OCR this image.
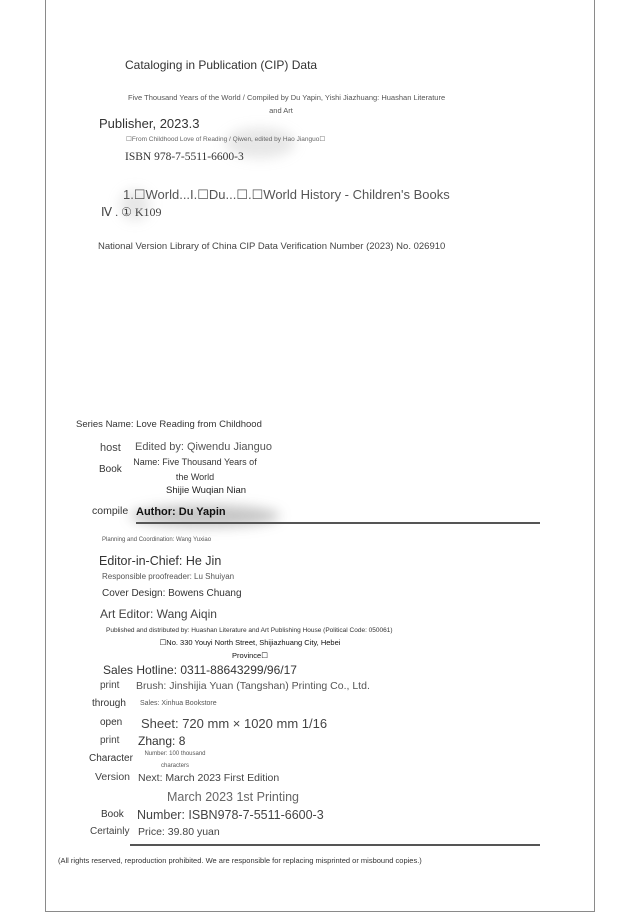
Cataloging in Publication (CIP) Data
Five Thousand Years of the World / Compiled by Du Yapin, Yishi Jiazhuang: Huashan Literature
and Art
Publisher, 2023.3
☐From Childhood Love of Reading / Qiwen, edited by Hao Jianguo☐
ISBN 978-7-5511-6600-3
1.☐World...I.☐Du...☐.☐World History - Children's Books
Ⅳ . ① K109
National Version Library of China CIP Data Verification Number (2023) No. 026910
Series Name: Love Reading from Childhood
host Edited by: Qiwendu Jianguo
Book
Name: Five Thousand Years of
the World
Shijie Wuqian Nian
compile Author: Du Yapin
Planning and Coordination: Wang Yuxiao
Editor-in-Chief: He Jin
Responsible proofreader: Lu Shuiyan
Cover Design: Bowens Chuang
Art Editor: Wang Aiqin
Published and distributed by: Huashan Literature and Art Publishing House (Political Code: 050061)
☐No. 330 Youyi North Street, Shijiazhuang City, Hebei
Province☐
Sales Hotline: 0311-88643299/96/17
print Brush: Jinshijia Yuan (Tangshan) Printing Co., Ltd.
through Sales: Xinhua Bookstore
open Sheet: 720 mm × 1020 mm 1/16
print Zhang: 8
Character	Number: 100 thousand
characters
Version Next: March 2023 First Edition
March 2023 1st Printing
Book Number: ISBN978-7-5511-6600-3
Certainly Price: 39.80 yuan
(All rights reserved, reproduction prohibited. We are responsible for replacing misprinted or misbound copies.)
